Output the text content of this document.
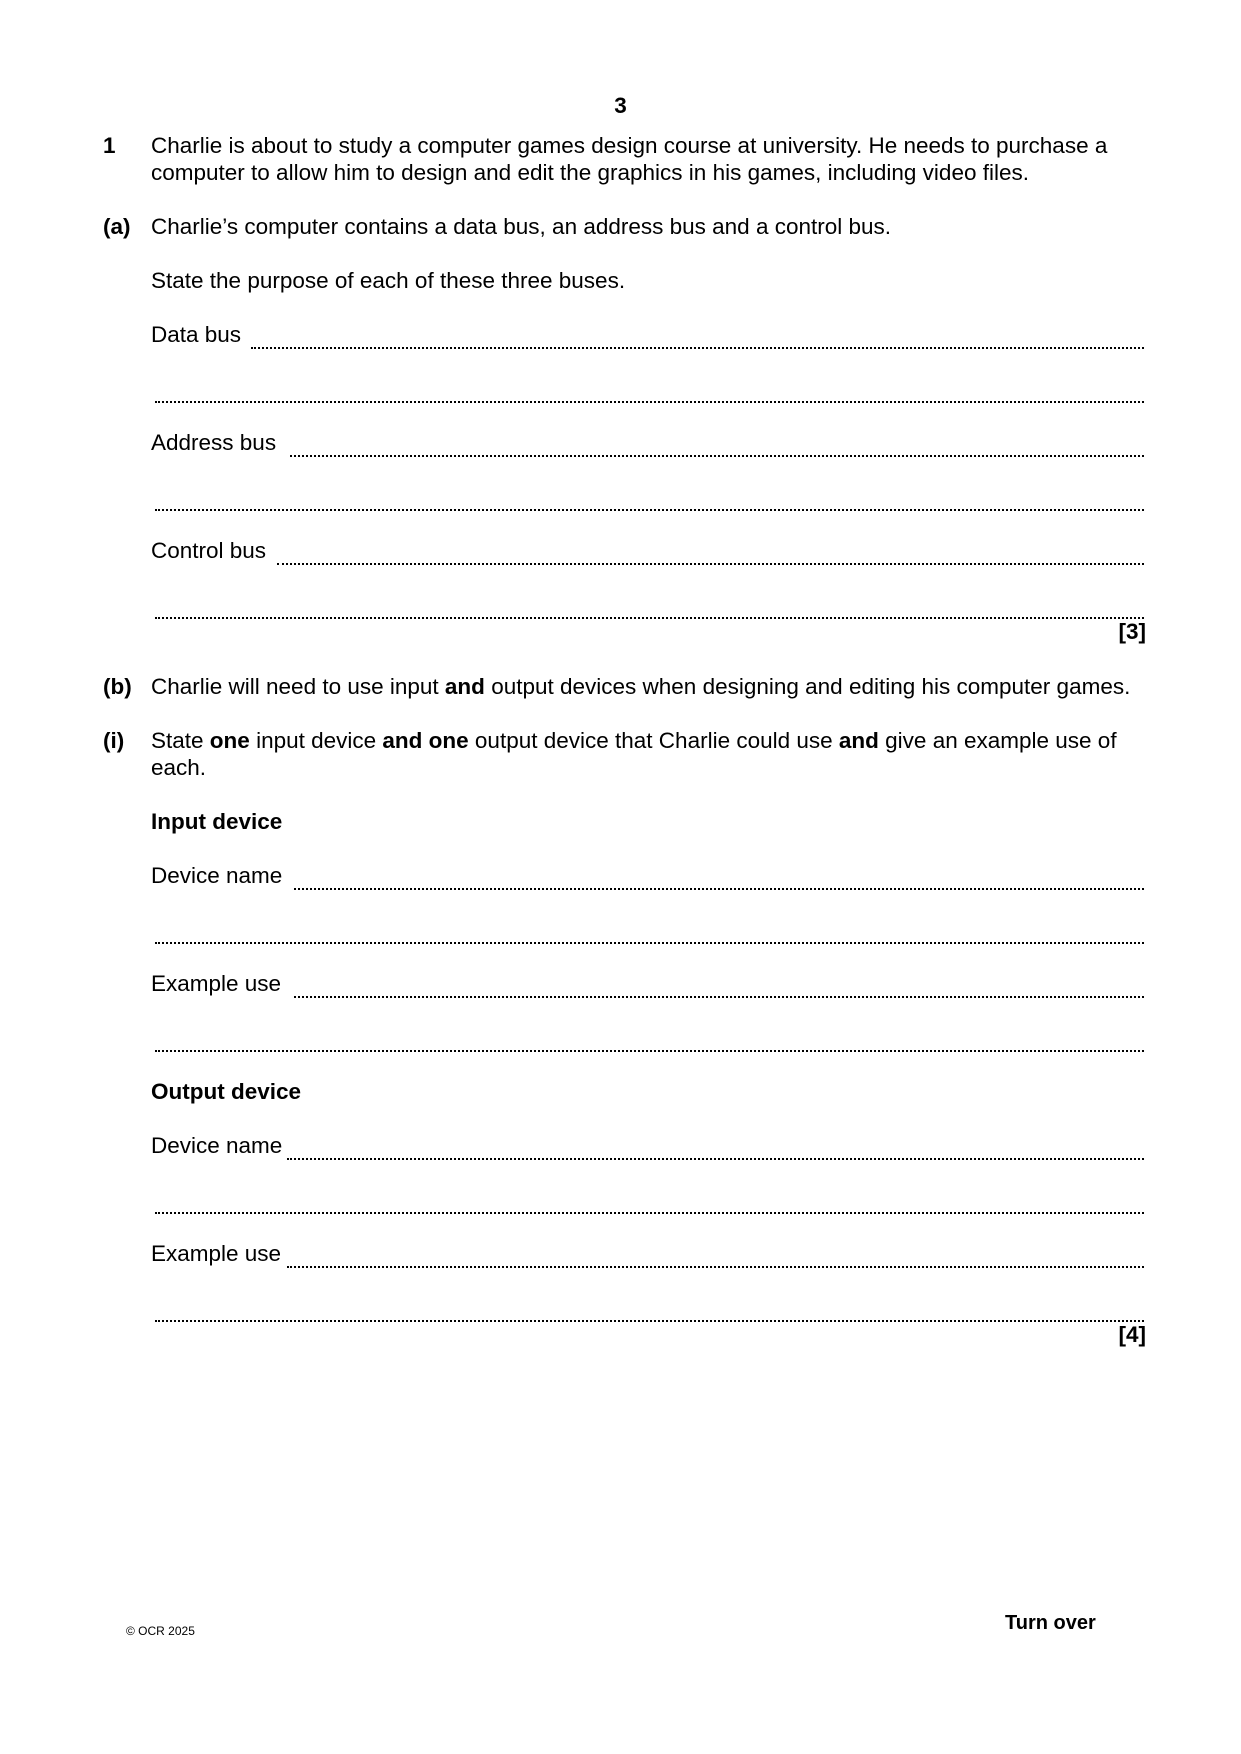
3
1 Charlie is about to study a computer games design course at university. He needs to purchase a
computer to allow him to design and edit the graphics in his games, including video files.
(a) Charlie’s computer contains a data bus, an address bus and a control bus.
State the purpose of each of these three buses.
Data bus
Address bus
Control bus
[3]
(b) Charlie will need to use input and output devices when designing and editing his computer games.
(i) State one input device and one output device that Charlie could use and give an example use of
each.
Input device
Device name
Example use
Output device
Device name
Example use
[4]
© OCR 2025	Turn over
